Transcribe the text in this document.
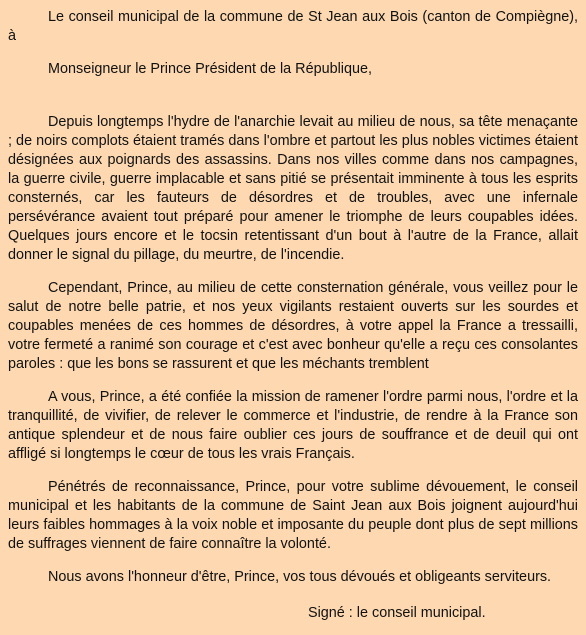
Le conseil municipal de la commune de St Jean aux Bois (canton de Compiègne), à

Monseigneur le Prince Président de la République,

Depuis longtemps l'hydre de l'anarchie levait au milieu de nous, sa tête menaçante ; de noirs complots étaient tramés dans l'ombre et partout les plus nobles victimes étaient désignées aux poignards des assassins. Dans nos villes comme dans nos campagnes, la guerre civile, guerre implacable et sans pitié se présentait imminente à tous les esprits consternés, car les fauteurs de désordres et de troubles, avec une infernale persévérance avaient tout préparé pour amener le triomphe de leurs coupables idées. Quelques jours encore et le tocsin retentissant d'un bout à l'autre de la France, allait donner le signal du pillage, du meurtre, de l'incendie.

Cependant, Prince, au milieu de cette consternation générale, vous veillez pour le salut de notre belle patrie, et nos yeux vigilants restaient ouverts sur les sourdes et coupables menées de ces hommes de désordres, à votre appel la France a tressailli, votre fermeté a ranimé son courage et c'est avec bonheur qu'elle a reçu ces consolantes paroles : que les bons se rassurent et que les méchants tremblent

A vous, Prince, a été confiée la mission de ramener l'ordre parmi nous, l'ordre et la tranquillité, de vivifier, de relever le commerce et l'industrie, de rendre à la France son antique splendeur et de nous faire oublier ces jours de souffrance et de deuil qui ont affligé si longtemps le cœur de tous les vrais Français.

Pénétrés de reconnaissance, Prince, pour votre sublime dévouement, le conseil municipal et les habitants de la commune de Saint Jean aux Bois joignent aujourd'hui leurs faibles hommages à la voix noble et imposante du peuple dont plus de sept millions de suffrages viennent de faire connaître la volonté.

Nous avons l'honneur d'être, Prince, vos tous dévoués et obligeants serviteurs.

Signé : le conseil municipal.
